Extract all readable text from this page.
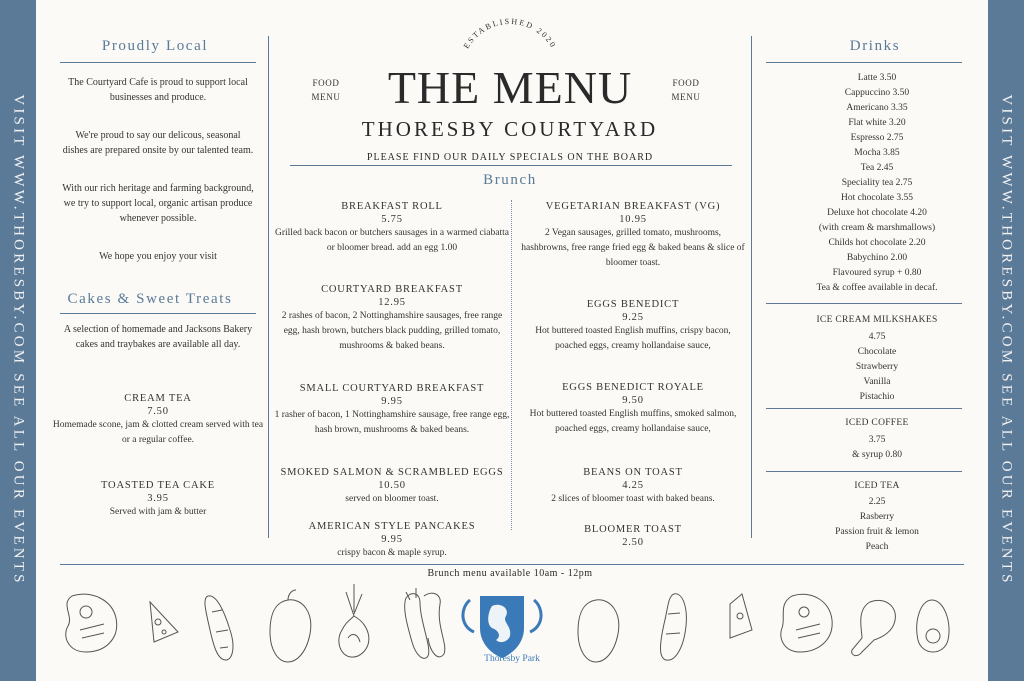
VISIT WWW.THORESBY.COM SEE ALL OUR EVENTS	VISIT WWW.THORESBY.COM SEE ALL OUR EVENTS
Proudly Local
The Courtyard Cafe is proud to support local businesses and produce.
We're proud to say our delicous, seasonal dishes are prepared onsite by our talented team.
With our rich heritage and farming background, we try to support local, organic artisan produce whenever possible.
We hope you enjoy your visit
Cakes & Sweet Treats
A selection of homemade and Jacksons Bakery cakes and traybakes are available all day.
CREAM TEA
7.50
Homemade scone, jam & clotted cream served with tea or a regular coffee.
TOASTED TEA CAKE
3.95
Served with jam & butter
ESTABLISHED 2020
FOOD
MENU
FOOD
MENU
THE MENU
THORESBY COURTYARD
PLEASE FIND OUR DAILY SPECIALS ON THE BOARD
Brunch
BREAKFAST ROLL
5.75
Grilled back bacon or butchers sausages in a warmed ciabatta or bloomer bread. add an egg 1.00
COURTYARD BREAKFAST
12.95
2 rashes of bacon, 2 Nottinghamshire sausages, free range egg, hash brown, butchers black pudding, grilled tomato, mushrooms & baked beans.
SMALL COURTYARD BREAKFAST
9.95
1 rasher of bacon, 1 Nottinghamshire sausage, free range egg, hash brown, mushrooms & baked beans.
SMOKED SALMON & SCRAMBLED EGGS
10.50
served on bloomer toast.
AMERICAN STYLE PANCAKES
9.95
crispy bacon & maple syrup.
VEGETARIAN BREAKFAST (VG)
10.95
2 Vegan sausages, grilled tomato, mushrooms, hashbrowns, free range fried egg & baked beans & slice of bloomer toast.
EGGS BENEDICT
9.25
Hot buttered toasted English muffins, crispy bacon, poached eggs, creamy hollandaise sauce,
EGGS BENEDICT ROYALE
9.50
Hot buttered toasted English muffins, smoked salmon, poached eggs, creamy hollandaise sauce,
BEANS ON TOAST
4.25
2 slices of bloomer toast with baked beans.
BLOOMER TOAST
2.50
Drinks
Latte 3.50
Cappuccino 3.50
Americano 3.35
Flat white 3.20
Espresso 2.75
Mocha 3.85
Tea 2.45
Speciality tea 2.75
Hot chocolate 3.55
Deluxe hot chocolate 4.20
(with cream & marshmallows)
Childs hot chocolate 2.20
Babychino 2.00
Flavoured syrup + 0.80
Tea & coffee available in decaf.
ICE CREAM MILKSHAKES
4.75
Chocolate
Strawberry
Vanilla
Pistachio
ICED COFFEE
3.75
& syrup 0.80
ICED TEA
2.25
Rasberry
Passion fruit & lemon
Peach
Brunch menu available 10am - 12pm
Thoresby Park
